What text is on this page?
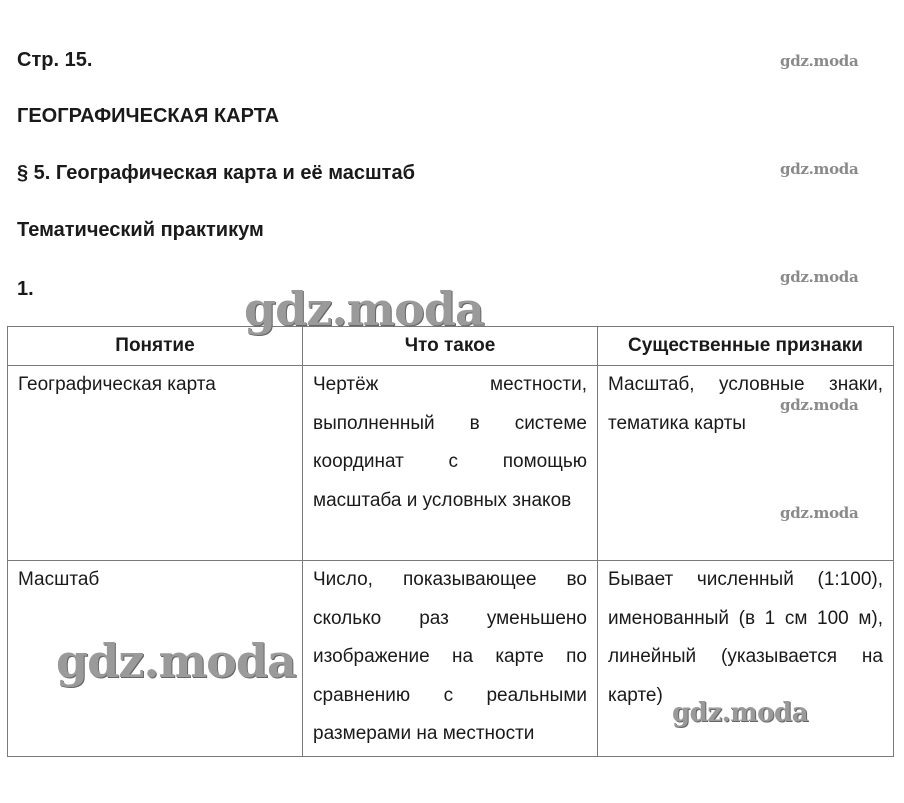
Стр. 15.

ГЕОГРАФИЧЕСКАЯ КАРТА

§ 5. Географическая карта и её масштаб

Тематический практикум

1.

Понятие	Что такое	Существенные признаки
Географическая карта	Чертёж местности, выполненный в системе координат с помощью масштаба и условных знаков	Масштаб, условные знаки, тематика карты
Масштаб	Число, показывающее во сколько раз уменьшено изображение на карте по сравнению с реальными размерами на местности	Бывает численный (1:100), именованный (в 1 см 100 м), линейный (указывается на карте)
gdz.moda
gdz.moda
gdz.moda
gdz.moda
gdz.moda
gdz.moda
gdz.moda
gdz.moda
